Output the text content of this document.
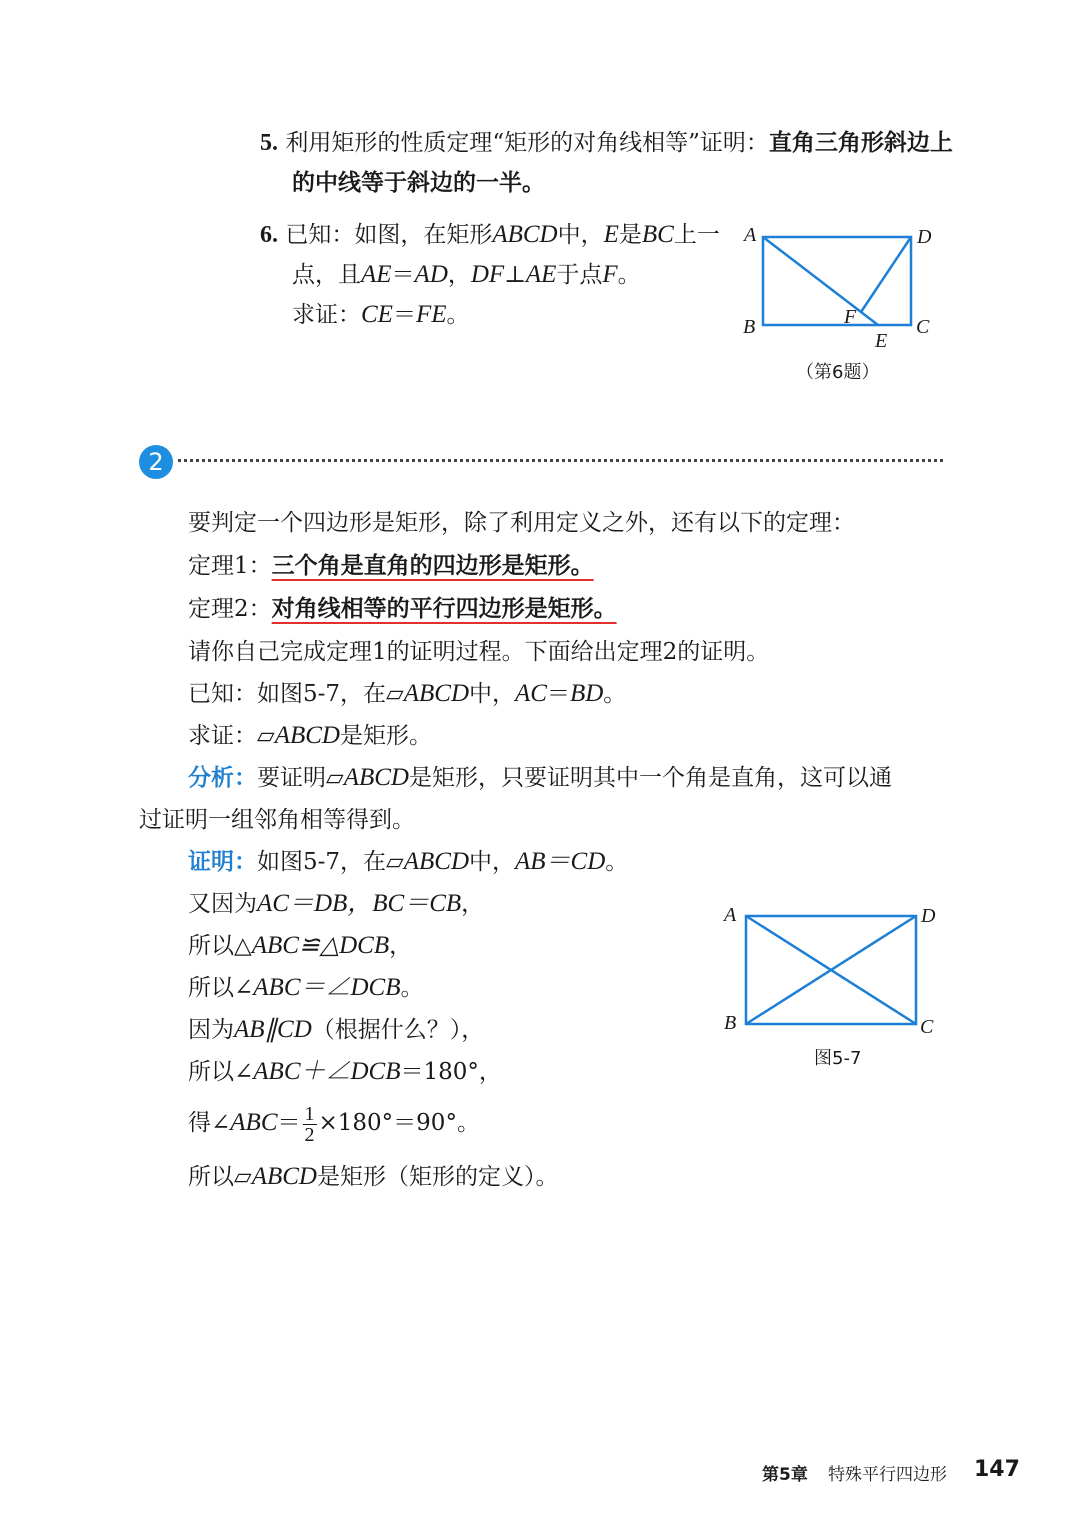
5. 利用矩形的性质定理“矩形的对角线相等”证明：直角三角形斜边上
的中线等于斜边的一半。
6. 已知：如图，在矩形ABCD中，E是BC上一
点，且AE＝AD，DF⊥AE于点F。
求证：CE＝FE。
A	D
B	C
F
E
（第6题）
2
要判定一个四边形是矩形，除了利用定义之外，还有以下的定理：
定理1：三个角是直角的四边形是矩形。
定理2：对角线相等的平行四边形是矩形。
请你自己完成定理1的证明过程。下面给出定理2的证明。
已知：如图5-7，在▱ABCD中，AC＝BD。
求证：▱ABCD是矩形。
分析：要证明▱ABCD是矩形，只要证明其中一个角是直角，这可以通
过证明一组邻角相等得到。
证明：如图5-7，在▱ABCD中，AB＝CD。
又因为AC＝DB，BC＝CB，
所以△ABC≌△DCB，
所以∠ABC＝∠DCB。
因为AB∥CD（根据什么？），
所以∠ABC＋∠DCB＝180°，
得∠ABC＝ $\frac{1}{2} \times 180^\circ=90^\circ$。
所以▱ABCD是矩形（矩形的定义）。
A	D
B	C
图5-7
第5章 特殊平行四边形 147
